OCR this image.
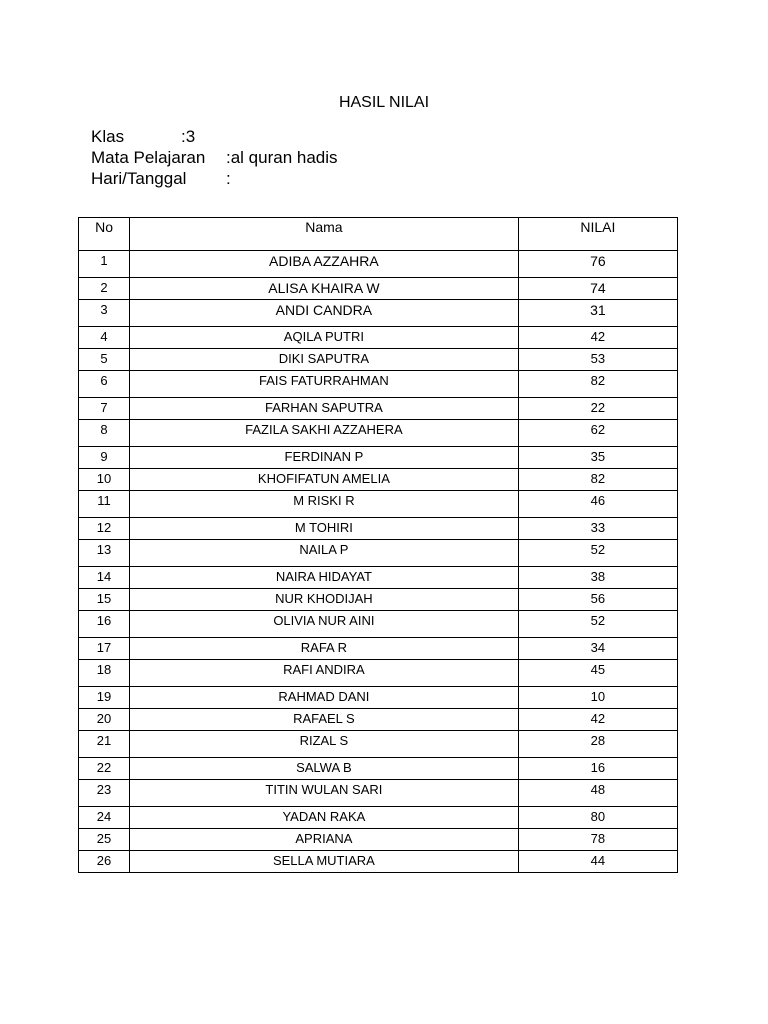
HASIL NILAI
Klas	:3
Mata Pelajaran :al quran hadis
Hari/Tanggal :
No	Nama	NILAI
1	ADIBA AZZAHRA	76
2	ALISA KHAIRA W	74
3	ANDI CANDRA	31
4	AQILA PUTRI	42
5	DIKI SAPUTRA	53
6	FAIS FATURRAHMAN	82
7	FARHAN SAPUTRA	22
8	FAZILA SAKHI AZZAHERA	62
9	FERDINAN P	35
10	KHOFIFATUN AMELIA	82
11	M RISKI R	46
12	M TOHIRI	33
13	NAILA P	52
14	NAIRA HIDAYAT	38
15	NUR KHODIJAH	56
16	OLIVIA NUR AINI	52
17	RAFA R	34
18	RAFI ANDIRA	45
19	RAHMAD DANI	10
20	RAFAEL S	42
21	RIZAL S	28
22	SALWA B	16
23	TITIN WULAN SARI	48
24	YADAN RAKA	80
25	APRIANA	78
26	SELLA MUTIARA	44
